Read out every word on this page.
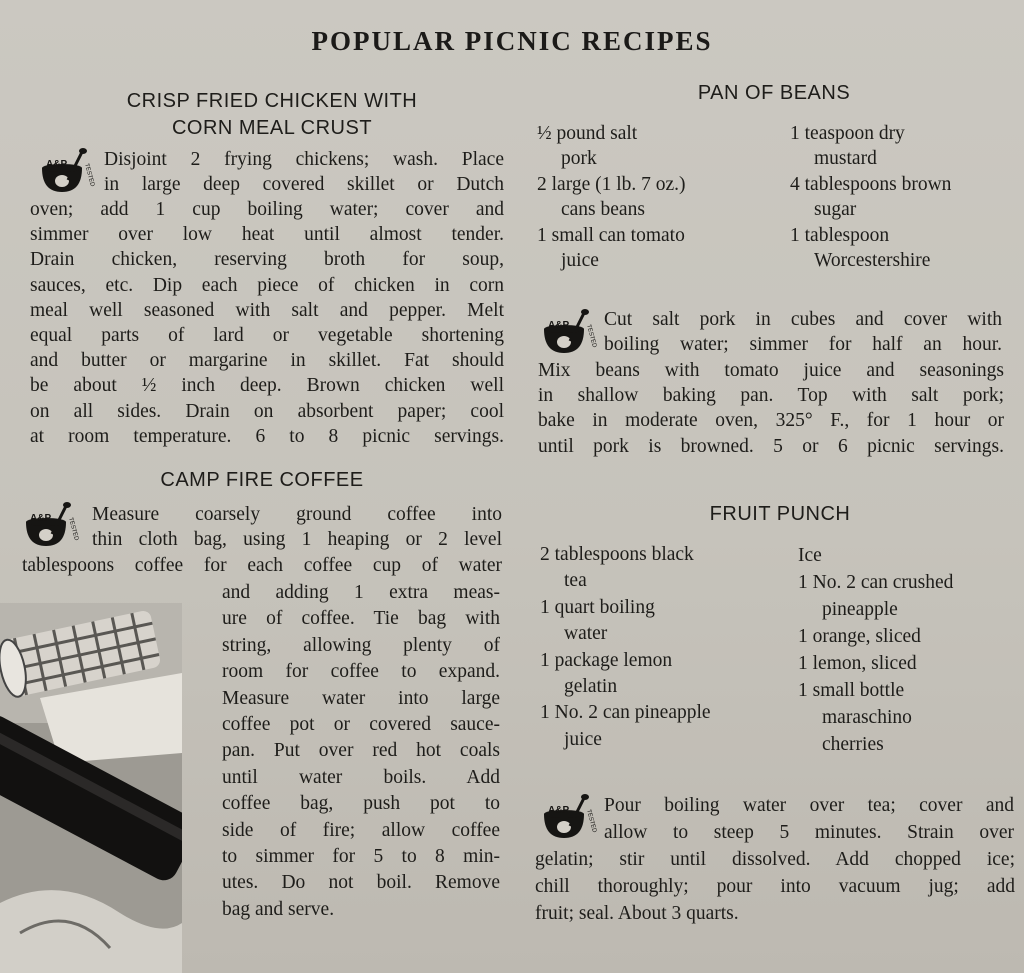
POPULAR PICNIC RECIPES
CRISP FRIED CHICKEN WITH
CORN MEAL CRUST
A&P	TESTED
Disjoint 2 frying chickens; wash. Place
in large deep covered skillet or Dutch
oven; add 1 cup boiling water; cover and
simmer over low heat until almost tender.
Drain chicken, reserving broth for soup,
sauces, etc. Dip each piece of chicken in corn
meal well seasoned with salt and pepper. Melt
equal parts of lard or vegetable shortening
and butter or margarine in skillet. Fat should
be about ½ inch deep. Brown chicken well
on all sides. Drain on absorbent paper; cool
at room temperature. 6 to 8 picnic servings.
CAMP FIRE COFFEE
A&P	TESTED
Measure coarsely ground coffee into
thin cloth bag, using 1 heaping or 2 level
tablespoons coffee for each coffee cup of water
and adding 1 extra meas-
ure of coffee. Tie bag with
string, allowing plenty of
room for coffee to expand.
Measure water into large
coffee pot or covered sauce-
pan. Put over red hot coals
until water boils. Add
coffee bag, push pot to
side of fire; allow coffee
to simmer for 5 to 8 min-
utes. Do not boil. Remove
bag and serve.
PAN OF BEANS
½ pound salt
pork
2 large (1 lb. 7 oz.)
cans beans
1 small can tomato
juice
1 teaspoon dry
mustard
4 tablespoons brown
sugar
1 tablespoon
Worcestershire
A&P	TESTED
Cut salt pork in cubes and cover with
boiling water; simmer for half an hour.
Mix beans with tomato juice and seasonings
in shallow baking pan. Top with salt pork;
bake in moderate oven, 325° F., for 1 hour or
until pork is browned. 5 or 6 picnic servings.
FRUIT PUNCH
2 tablespoons black
tea
1 quart boiling
water
1 package lemon
gelatin
1 No. 2 can pineapple
juice
Ice
1 No. 2 can crushed
pineapple
1 orange, sliced
1 lemon, sliced
1 small bottle
maraschino
cherries
A&P	TESTED
Pour boiling water over tea; cover and
allow to steep 5 minutes. Strain over
gelatin; stir until dissolved. Add chopped ice;
chill thoroughly; pour into vacuum jug; add
fruit; seal. About 3 quarts.
